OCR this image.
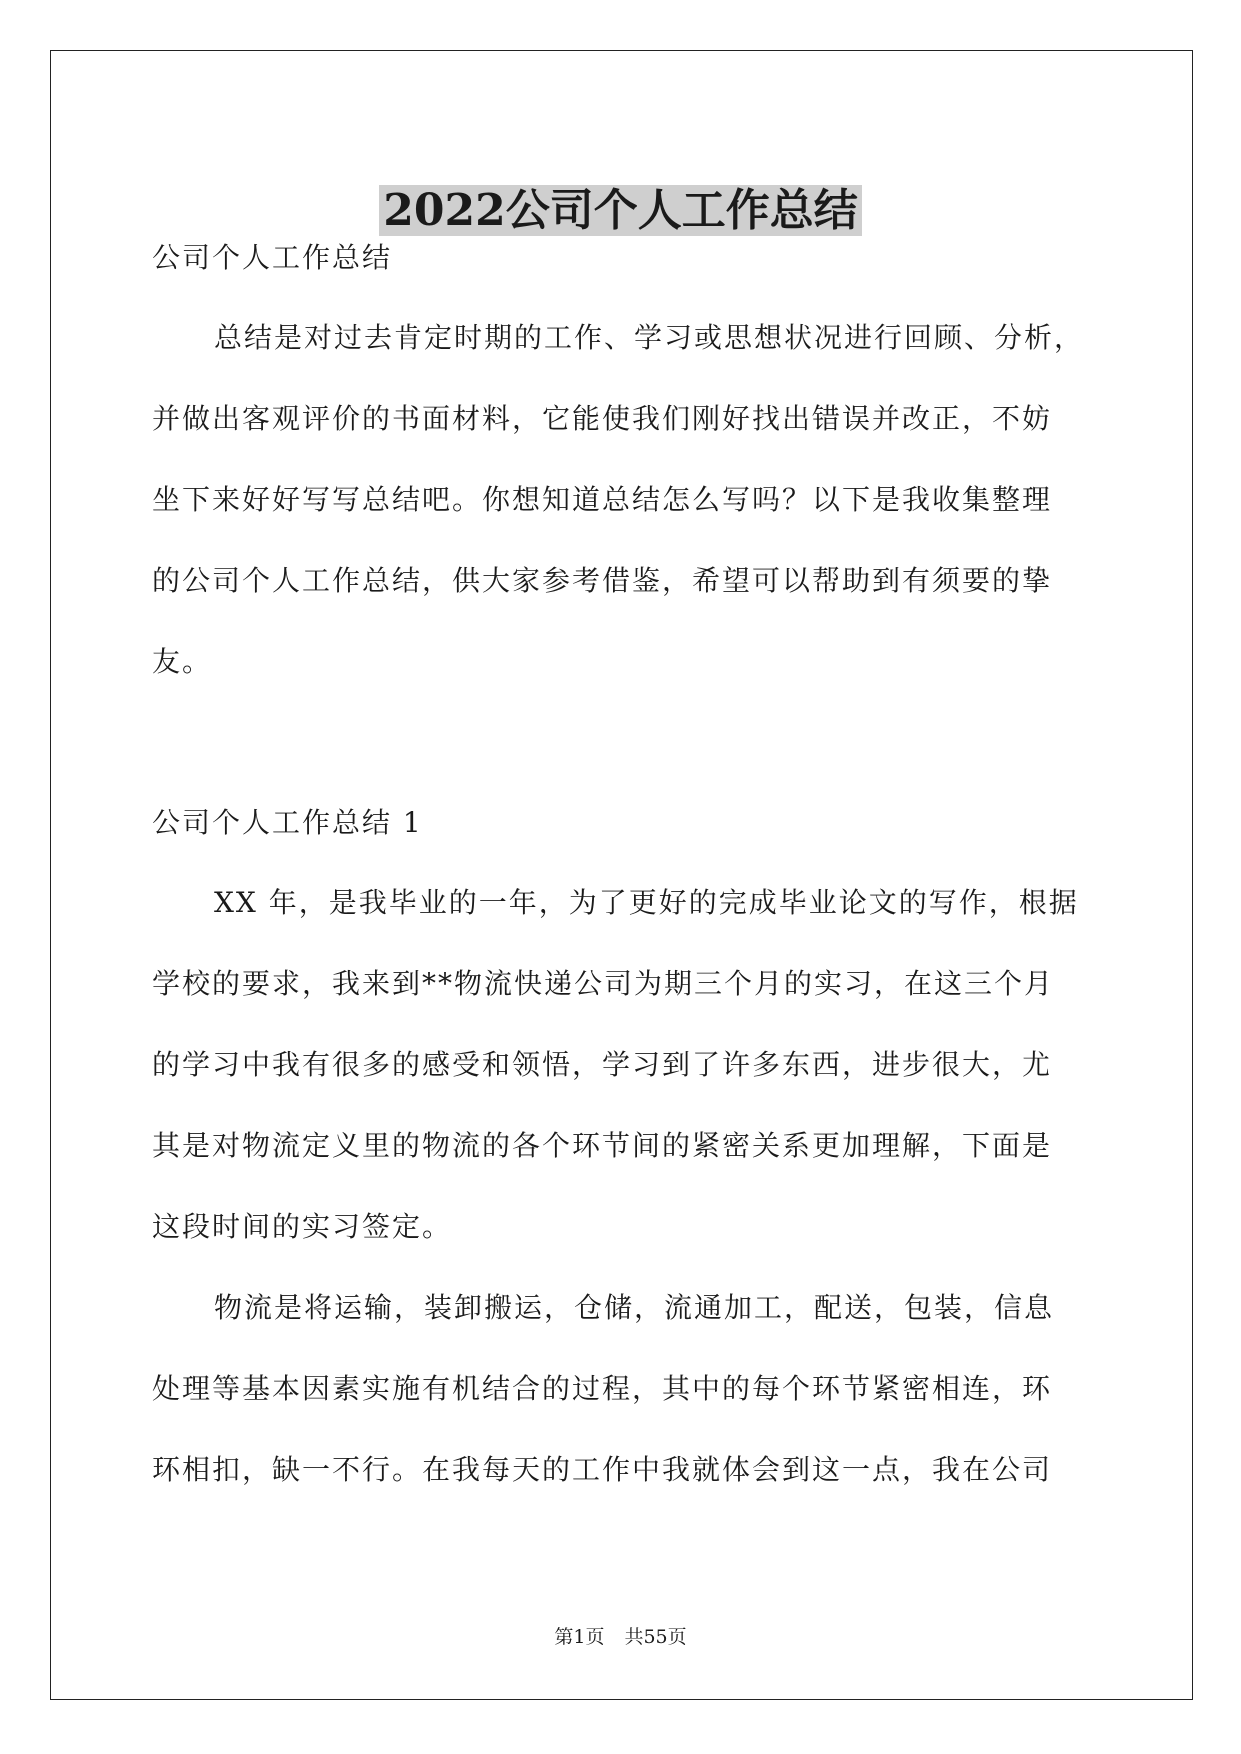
2022公司个人工作总结
公司个人工作总结
总结是对过去肯定时期的工作、学习或思想状况进行回顾、分析，
并做出客观评价的书面材料，它能使我们刚好找出错误并改正，不妨
坐下来好好写写总结吧。你想知道总结怎么写吗？以下是我收集整理
的公司个人工作总结，供大家参考借鉴，希望可以帮助到有须要的挚
友。
公司个人工作总结 1
XX 年，是我毕业的一年，为了更好的完成毕业论文的写作，根据
学校的要求，我来到**物流快递公司为期三个月的实习，在这三个月
的学习中我有很多的感受和领悟，学习到了许多东西，进步很大，尤
其是对物流定义里的物流的各个环节间的紧密关系更加理解，下面是
这段时间的实习签定。
物流是将运输，装卸搬运，仓储，流通加工，配送，包装，信息
处理等基本因素实施有机结合的过程，其中的每个环节紧密相连，环
环相扣，缺一不行。在我每天的工作中我就体会到这一点，我在公司
第1页 共55页
